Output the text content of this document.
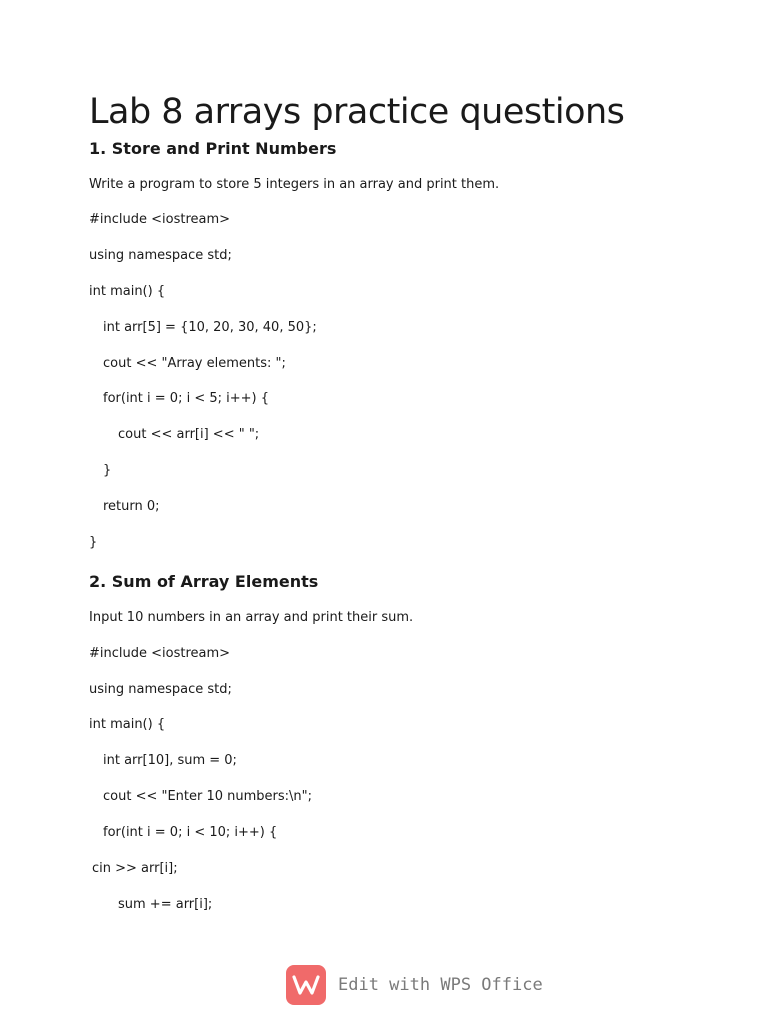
Lab 8 arrays practice questions
1. Store and Print Numbers

Write a program to store 5 integers in an array and print them.

#include <iostream>

using namespace std;

int main() {

int arr[5] = {10, 20, 30, 40, 50};

cout << "Array elements: ";

for(int i = 0; i < 5; i++) {

cout << arr[i] << " ";

}

return 0;

}

2. Sum of Array Elements

Input 10 numbers in an array and print their sum.

#include <iostream>

using namespace std;

int main() {

int arr[10], sum = 0;

cout << "Enter 10 numbers:\n";

for(int i = 0; i < 10; i++) {

cin >> arr[i];

sum += arr[i];

Edit with WPS Office
